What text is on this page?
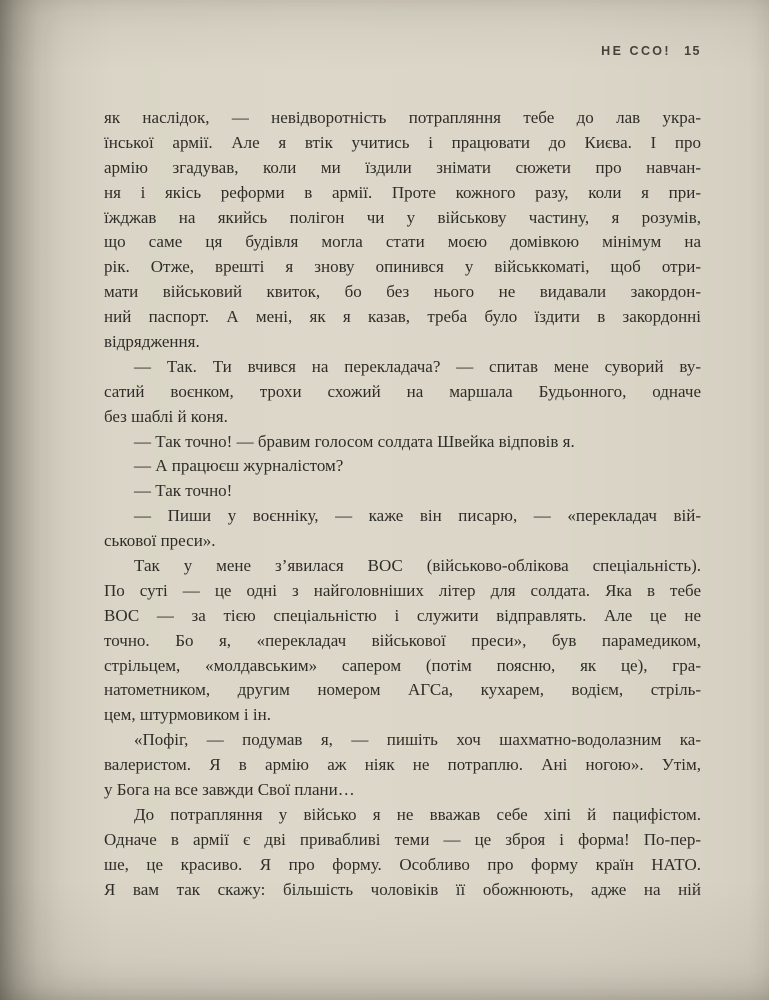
НЕ ССО! 15
як наслідок, — невідворотність потрапляння тебе до лав укра-
їнської армії. Але я втік учитись і працювати до Києва. І про
армію згадував, коли ми їздили знімати сюжети про навчан-
ня і якісь реформи в армії. Проте кожного разу, коли я при-
їжджав на якийсь полігон чи у військову частину, я розумів,
що саме ця будівля могла стати моєю домівкою мінімум на
рік. Отже, врешті я знову опинився у військкоматі, щоб отри-
мати військовий квиток, бо без нього не видавали закордон-
ний паспорт. А мені, як я казав, треба було їздити в закордонні
відрядження.
— Так. Ти вчився на перекладача? — спитав мене суворий ву-
сатий воєнком, трохи схожий на маршала Будьонного, одначе
без шаблі й коня.
— Так точно! — бравим голосом солдата Швейка відповів я.
— А працюєш журналістом?
— Так точно!
— Пиши у воєнніку, — каже він писарю, — «перекладач вій-
ськової преси».
Так у мене з’явилася ВОС (військово-облікова спеціальність).
По суті — це одні з найголовніших літер для солдата. Яка в тебе
ВОС — за тією спеціальністю і служити відправлять. Але це не
точно. Бо я, «перекладач військової преси», був парамедиком,
стрільцем, «молдавським» сапером (потім поясню, як це), гра-
натометником, другим номером АГСа, кухарем, водієм, стріль-
цем, штурмовиком і ін.
«Пофіг, — подумав я, — пишіть хоч шахматно-водолазним ка-
валеристом. Я в армію аж ніяк не потраплю. Ані ногою». Утім,
у Бога на все завжди Свої плани…
До потрапляння у військо я не вважав себе хіпі й пацифістом.
Одначе в армії є дві привабливі теми — це зброя і форма! По-пер-
ше, це красиво. Я про форму. Особливо про форму країн НАТО.
Я вам так скажу: більшість чоловіків її обожнюють, адже на ній
